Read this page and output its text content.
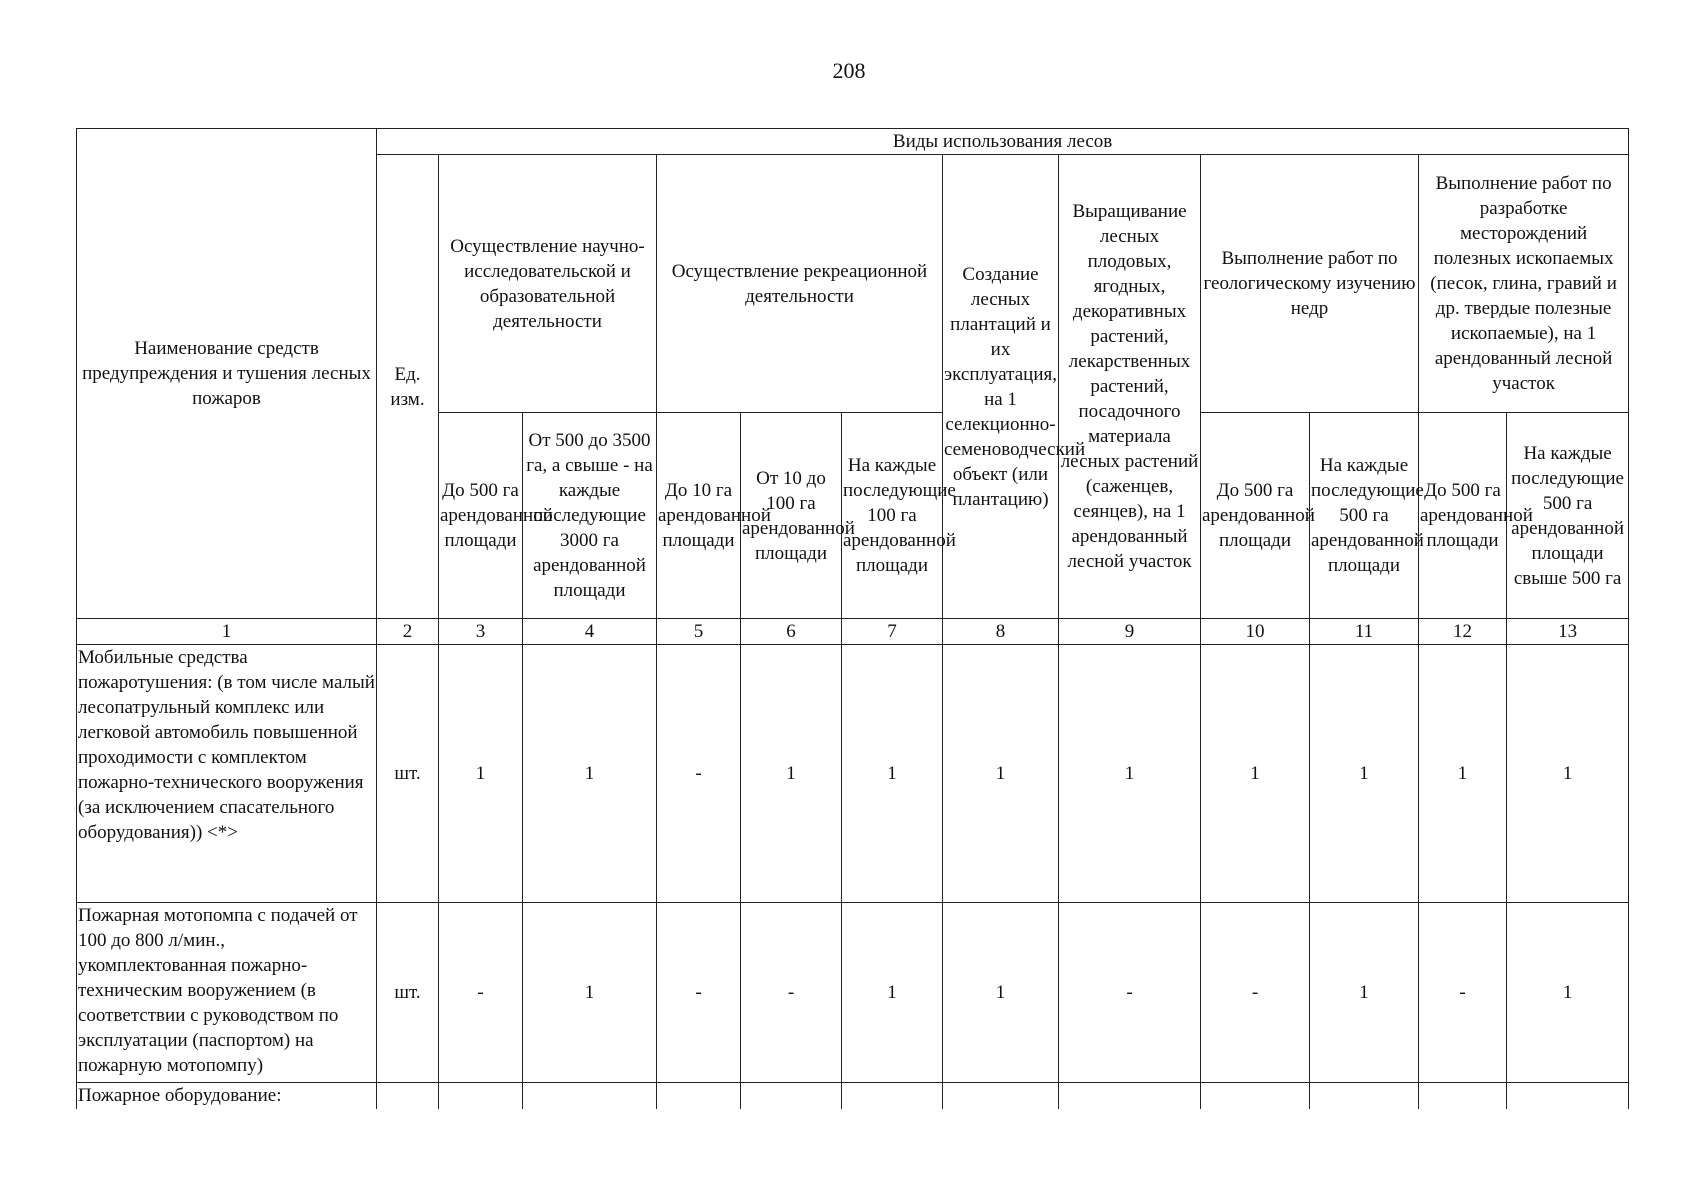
208
Наименование средств предупреждения и тушения лесных пожаров	Виды использования лесов											
	Ед. изм.	Осуществление научно-исследовательской и образовательной деятельности		Осуществление рекреационной деятельности			Создание лесных плантаций и их эксплуатация, на 1 селекционно-семеноводческий объект (или плантацию)	Выращивание лесных плодовых, ягодных, декоративных растений, лекарственных растений, посадочного материала лесных растений (саженцев, сеянцев), на 1 арендованный лесной участок	Выполнение работ по геологическому изучению недр		Выполнение работ по разработке месторождений полезных ископаемых (песок, глина, гравий и др. твердые полезные ископаемые), на 1 арендованный лесной участок	
		До 500 га арендованной площади	От 500 до 3500 га, а свыше - на каждые последующие 3000 га арендованной площади	До 10 га арендованной площади	От 10 до 100 га арендованной площади	На каждые последующие 100 га арендованной площади			До 500 га арендованной площади	На каждые последующие 500 га арендованной площади	До 500 га арендованной площади	На каждые последующие 500 га арендованной площади свыше 500 га
1	2	3	4	5	6	7	8	9	10	11	12	13
Мобильные средства пожаротушения: (в том числе малый лесопатрульный комплекс или легковой автомобиль повышенной проходимости с комплектом пожарно-технического вооружения (за исключением спасательного оборудования)) <*>	шт.	1	1	-	1	1	1	1	1	1	1	1
Пожарная мотопомпа с подачей от 100 до 800 л/мин., укомплектованная пожарно-техническим вооружением (в соответствии с руководством по эксплуатации (паспортом) на пожарную мотопомпу)	шт.	-	1	-	-	1	1	-	-	1	-	1
Пожарное оборудование:												
